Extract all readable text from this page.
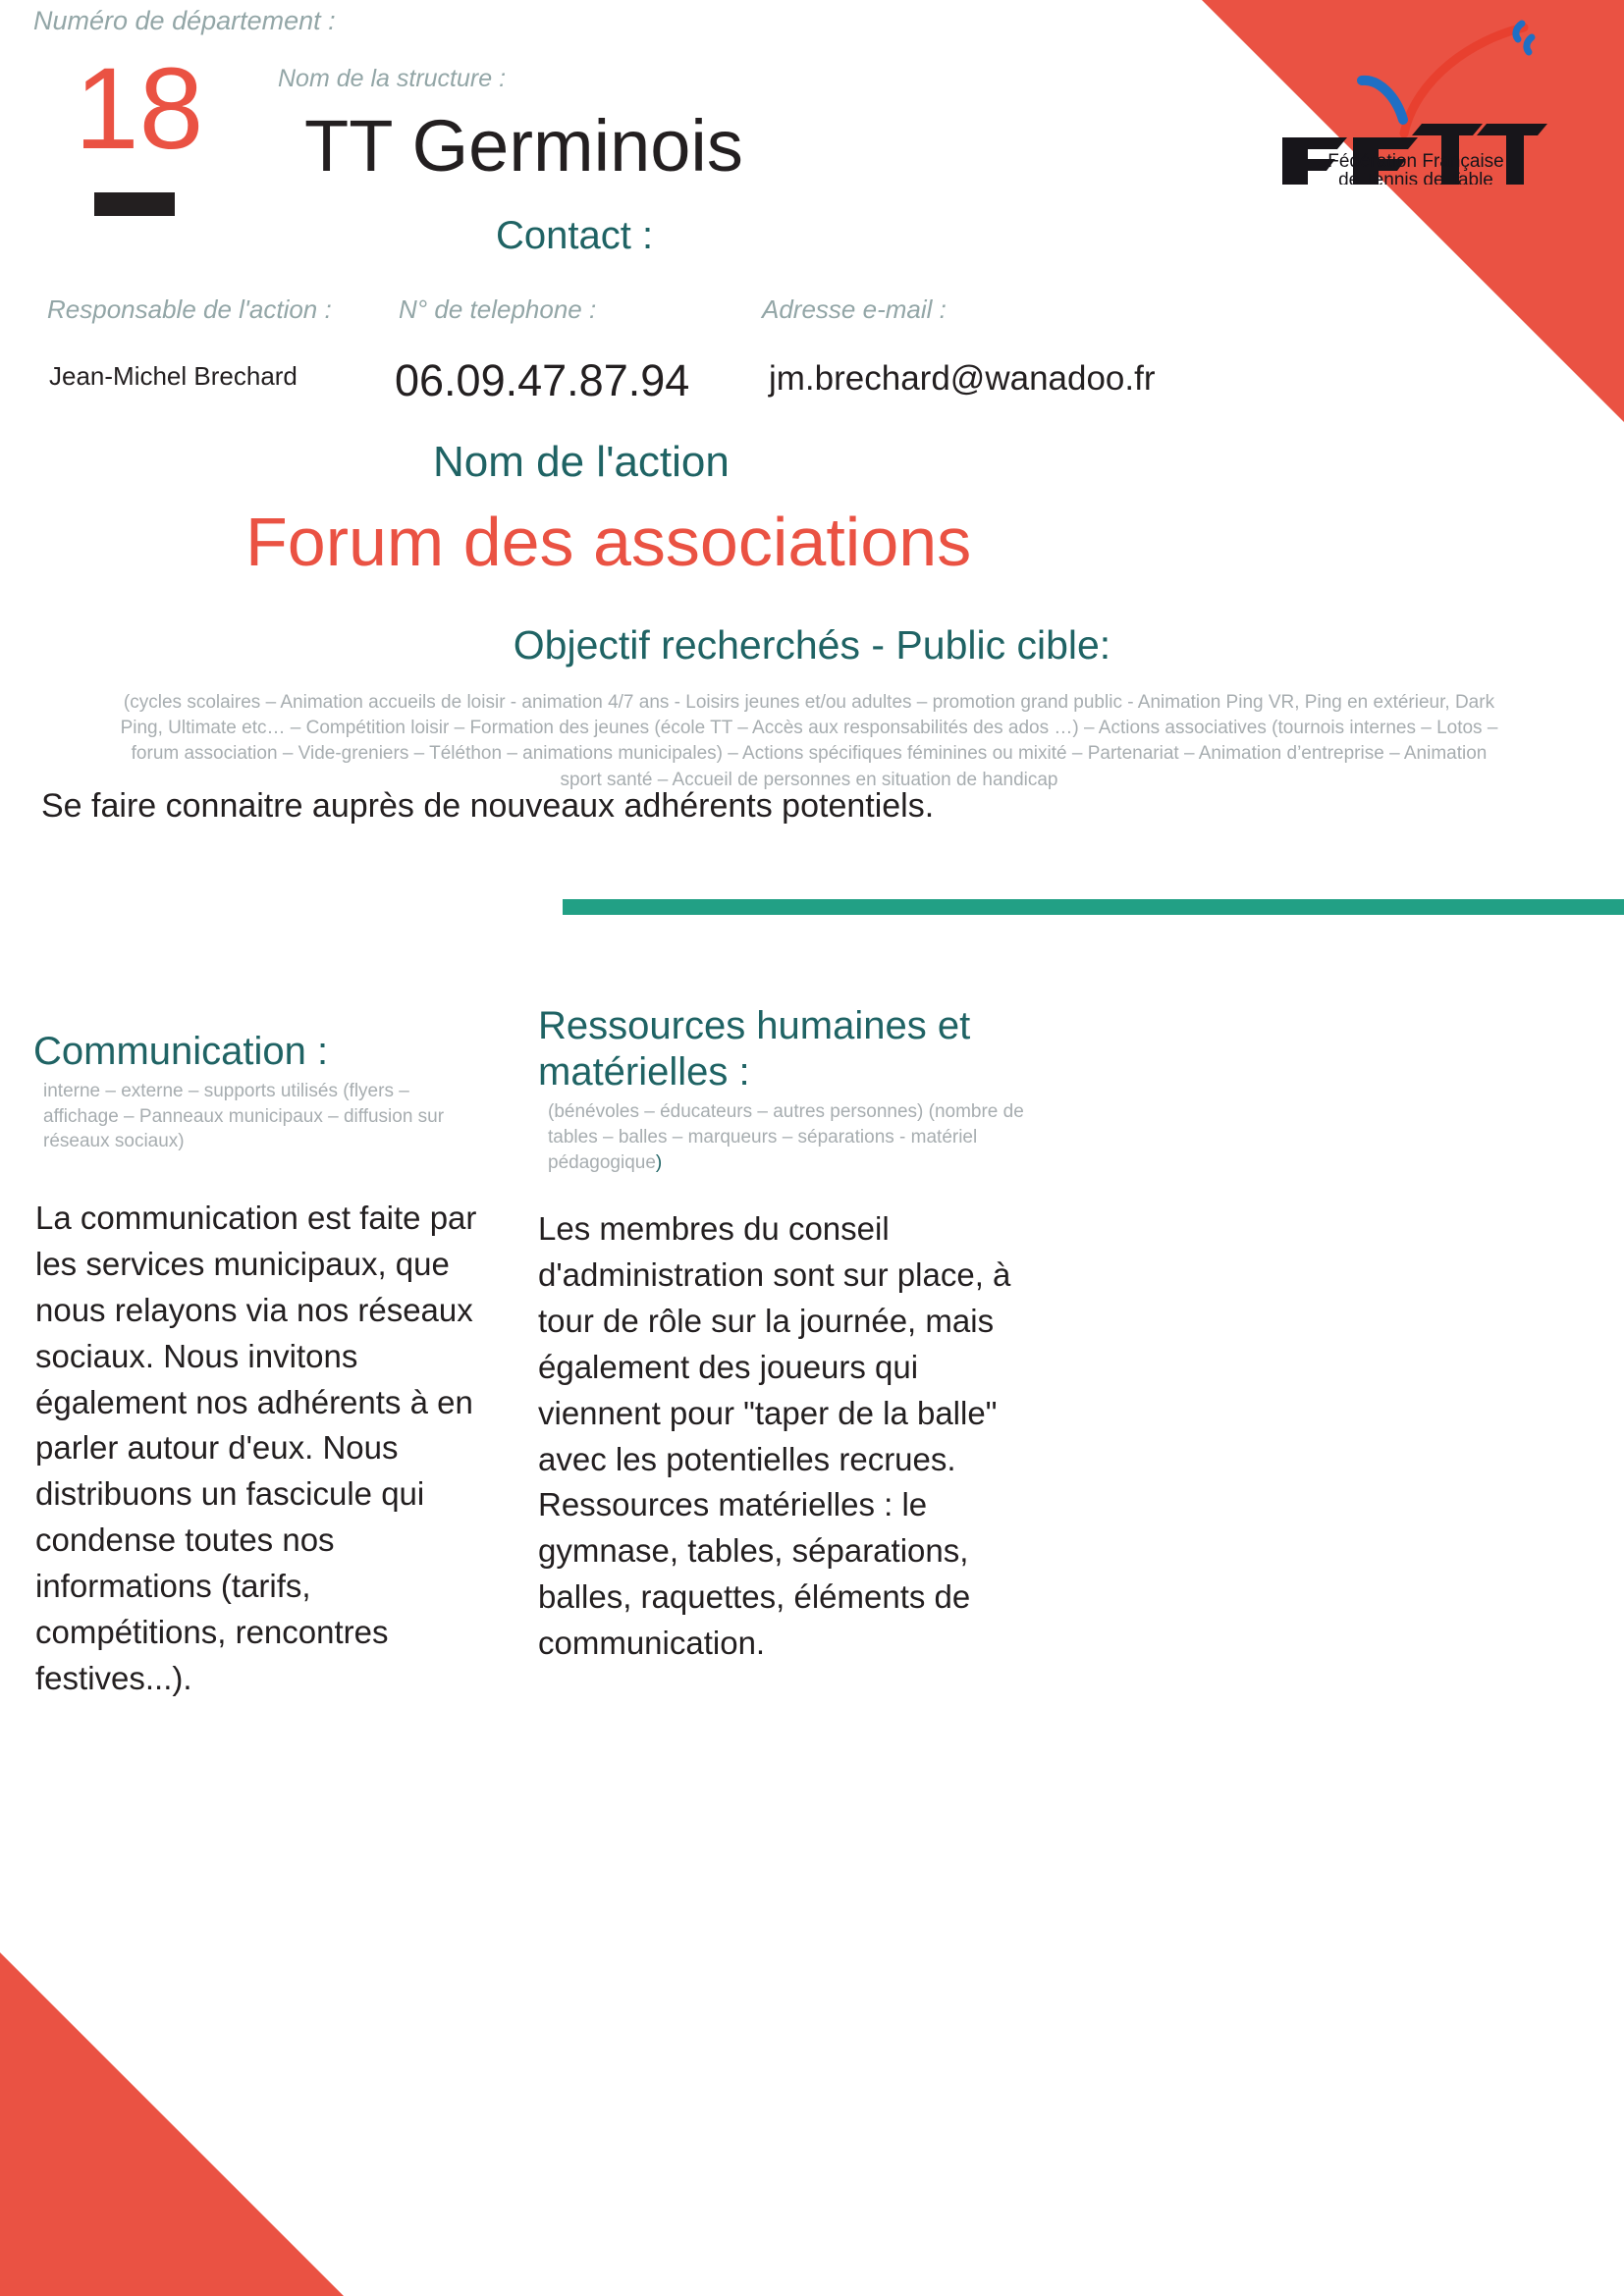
Fédération Française
de Tennis de Table
Numéro de département :
18	Nom de la structure :
TT Germinois
Contact :
Responsable de l'action :
Jean-Michel Brechard
N° de telephone :
06.09.47.87.94
Adresse e-mail :
jm.brechard@wanadoo.fr
Nom de l'action
Forum des associations
Objectif recherchés - Public cible:
(cycles scolaires – Animation accueils de loisir - animation 4/7 ans - Loisirs jeunes et/ou adultes – promotion grand public - Animation Ping VR, Ping en extérieur, Dark Ping, Ultimate etc… – Compétition loisir – Formation des jeunes (école TT – Accès aux responsabilités des ados …) – Actions associatives (tournois internes – Lotos – forum association – Vide-greniers – Téléthon – animations municipales) – Actions spécifiques féminines ou mixité – Partenariat – Animation d’entreprise – Animation sport santé – Accueil de personnes en situation de handicap
Se faire connaitre auprès de nouveaux adhérents potentiels.
Communication :
interne – externe – supports utilisés (flyers – affichage – Panneaux municipaux – diffusion sur réseaux sociaux)
La communication est faite par les services municipaux, que nous relayons via nos réseaux sociaux. Nous invitons également nos adhérents à en parler autour d'eux. Nous distribuons un fascicule qui condense toutes nos informations (tarifs, compétitions, rencontres festives...).
Ressources humaines et matérielles :
(bénévoles – éducateurs – autres personnes) (nombre de tables – balles – marqueurs – séparations - matériel pédagogique)
Les membres du conseil d'administration sont sur place, à tour de rôle sur la journée, mais également des joueurs qui viennent pour "taper de la balle" avec les potentielles recrues. Ressources matérielles : le gymnase, tables, séparations, balles, raquettes, éléments de communication.
